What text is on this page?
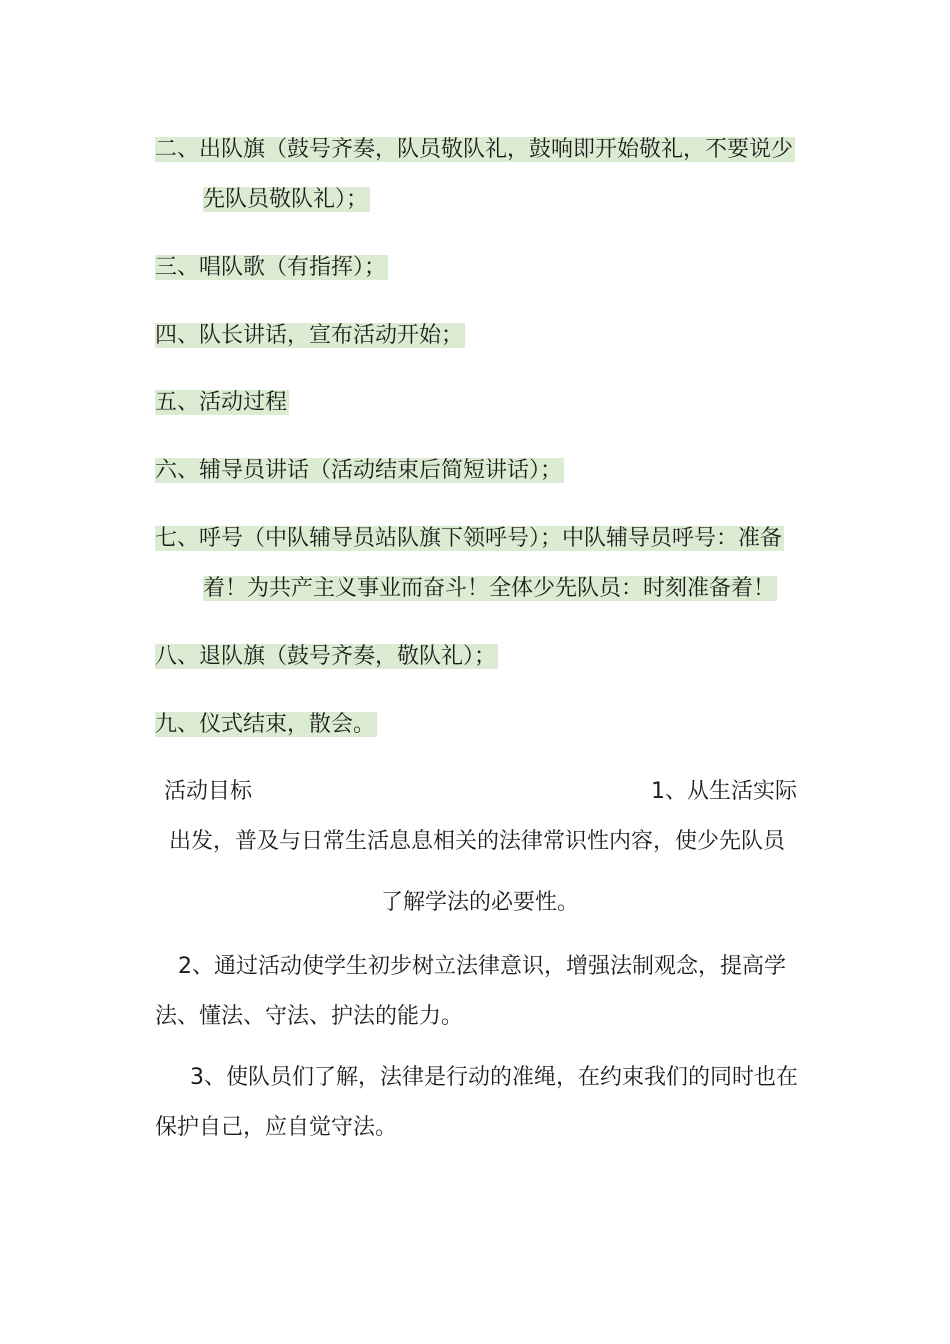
二、出队旗（鼓号齐奏，队员敬队礼，鼓响即开始敬礼，不要说少
先队员敬队礼）；
三、唱队歌（有指挥）；
四、队长讲话，宣布活动开始；
五、活动过程
六、辅导员讲话（活动结束后简短讲话）；
七、呼号（中队辅导员站队旗下领呼号）；中队辅导员呼号：准备
着！为共产主义事业而奋斗！全体少先队员：时刻准备着！
八、退队旗（鼓号齐奏，敬队礼）；
九、仪式结束，散会。
活动目标	1、从生活实际
出发，普及与日常生活息息相关的法律常识性内容，使少先队员
了解学法的必要性。
2、通过活动使学生初步树立法律意识，增强法制观念，提高学
法、懂法、守法、护法的能力。
3、使队员们了解，法律是行动的准绳，在约束我们的同时也在
保护自己，应自觉守法。
